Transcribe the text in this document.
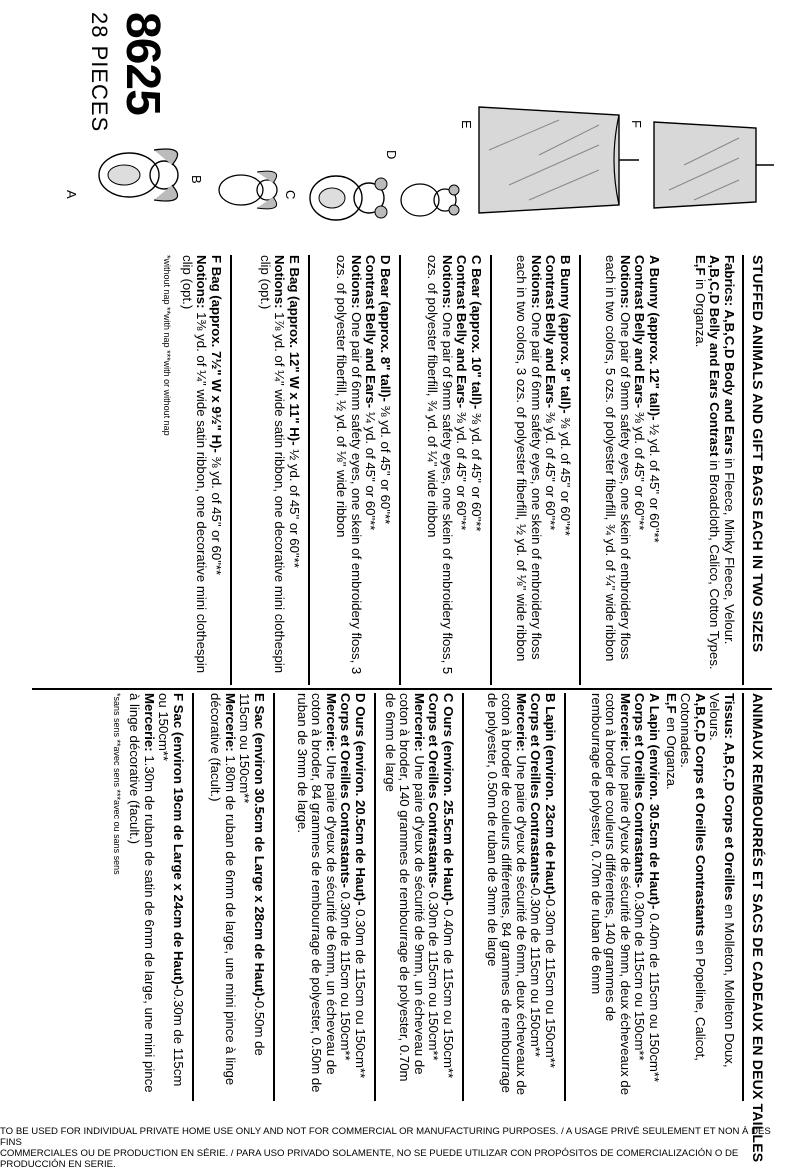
8625
28 PIECES
A
B
C
D
E	F
STUFFED ANIMALS AND GIFT BAGS EACH IN TWO SIZES
Fabrics: A,B,C,D Body and Ears in Fleece, Minky Fleece, Velour.
A,B,C,D Belly and Ears Contrast in Broadcloth, Calico, Cotton Types.
E,F in Organza.
A Bunny (approx. 12" tall)- ½ yd. of 45" or 60"**
Contrast Belly and Ears- ⅜ yd. of 45" or 60"**
Notions: One pair of 9mm safety eyes, one skein of embroidery floss each in two colors, 5 ozs. of polyester fiberfill, ¾ yd. of ¼" wide ribbon
B Bunny (approx. 9" tall)- ⅜ yd. of 45" or 60"**
Contrast Belly and Ears- ⅜ yd. of 45" or 60"**
Notions: One pair of 6mm safety eyes, one skein of embroidery floss each in two colors, 3 ozs. of polyester fiberfill, ½ yd. of ⅛" wide ribbon
C Bear (approx. 10" tall)- ⅜ yd. of 45" or 60"**
Contrast Belly and Ears- ⅜ yd. of 45" or 60"**
Notions: One pair of 9mm safety eyes, one skein of embroidery floss, 5 ozs. of polyester fiberfill, ¾ yd. of ¼" wide ribbon
D Bear (approx. 8" tall)- ⅜ yd. of 45" or 60"**
Contrast Belly and Ears- ¼ yd. of 45" or 60"**
Notions: One pair of 6mm safety eyes, one skein of embroidery floss, 3 ozs. of polyester fiberfill, ½ yd. of ⅛" wide ribbon
E Bag (approx. 12" W x 11" H)- ½ yd. of 45" or 60"**
Notions: 1⅞ yd. of ¼" wide satin ribbon, one decorative mini clothespin clip (opt.)
F Bag (approx. 7½" W x 9½" H)- ⅜ yd. of 45" or 60"**
Notions: 1⅜ yd. of ¼" wide satin ribbon, one decorative mini clothespin clip (opt.)
*without nap **with nap ***with or without nap
ANIMAUX REMBOURRÉS ET SACS DE CADEAUX EN DEUX TAILLES
Tissus: A,B,C,D Corps et Oreilles en Molleton, Molleton Doux, Velours.
A,B,C,D Corps et Oreilles Contrastants en Popeline, Calicot, Cotonnades.
E,F en Organza.
A Lapin (environ. 30.5cm de Haut)- 0.40m de 115cm ou 150cm**
Corps et Oreilles Contrastants- 0.30m de 115cm ou 150cm**
Mercerie: Une paire d'yeux de sécurité de 9mm, deux écheveaux de coton à broder de couleurs différentes, 140 grammes de rembourrage de polyester, 0.70m de ruban de 6mm
B Lapin (environ. 23cm de Haut)-0.30m de 115cm ou 150cm**
Corps et Oreilles Contrastants-0.30m de 115cm ou 150cm**
Mercerie: Une paire d'yeux de sécurité de 6mm, deux écheveaux de coton à broder de couleurs différentes, 84 grammes de rembourrage de polyester, 0.50m de ruban de 3mm de large
C Ours (environ. 25.5cm de Haut)- 0.40m de 115cm ou 150cm**
Corps et Oreilles Contrastants- 0.30m de 115cm ou 150cm**
Mercerie: Une paire d'yeux de sécurité de 9mm, un écheveau de coton à broder, 140 grammes de rembourrage de polyester, 0.70m de 6mm de large
D Ours (environ. 20.5cm de Haut)- 0.30m de 115cm ou 150cm**
Corps et Oreilles Contrastants- 0.30m de 115cm ou 150cm**
Mercerie: Une paire d'yeux de sécurité de 6mm, un écheveau de coton à broder, 84 grammes de rembourrage de polyester, 0.50m de ruban de 3mm de large.
E Sac (environ 30.5cm de Large x 28cm de Haut)-0.50m de 115cm ou 150cm**
Mercerie: 1.80m de ruban de 6mm de large, une mini pince à linge décorative (facult.)
F Sac (environ 19cm de Large x 24cm de Haut)-0.30m de 115cm ou 150cm**
Mercerie: 1.30m de ruban de satin de 6mm de large, une mini pince à linge décorative (facult.)
*sans sens **avec sens ***avec ou sans sens
TO BE USED FOR INDIVIDUAL PRIVATE HOME USE ONLY AND NOT FOR COMMERCIAL OR MANUFACTURING PURPOSES. / A USAGE PRIVÉ SEULEMENT ET NON À DES FINS
COMMERCIALES OU DE PRODUCTION EN SÉRIE. / PARA USO PRIVADO SOLAMENTE, NO SE PUEDE UTILIZAR CON PROPÓSITOS DE COMERCIALIZACIÓN O DE PRODUCCIÓN EN SERIE.
